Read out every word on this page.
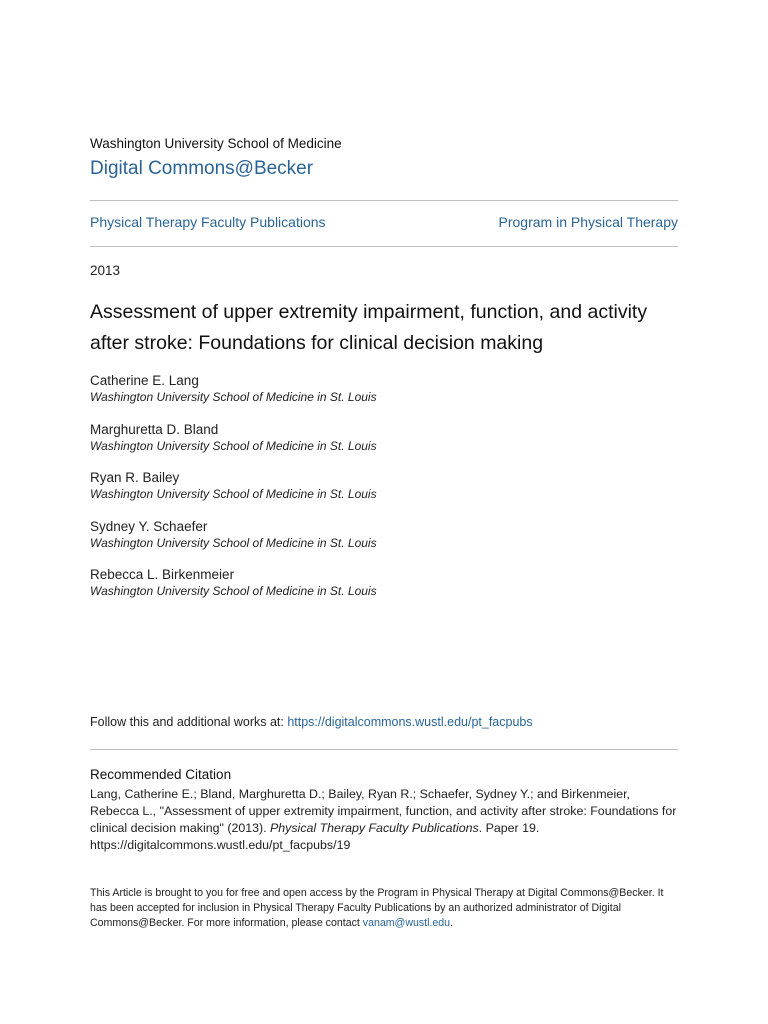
Washington University School of Medicine
Digital Commons@Becker
Physical Therapy Faculty Publications	Program in Physical Therapy
2013
Assessment of upper extremity impairment, function, and activity after stroke: Foundations for clinical decision making
Catherine E. Lang
Washington University School of Medicine in St. Louis
Marghuretta D. Bland
Washington University School of Medicine in St. Louis
Ryan R. Bailey
Washington University School of Medicine in St. Louis
Sydney Y. Schaefer
Washington University School of Medicine in St. Louis
Rebecca L. Birkenmeier
Washington University School of Medicine in St. Louis
Follow this and additional works at: https://digitalcommons.wustl.edu/pt_facpubs
Recommended Citation
Lang, Catherine E.; Bland, Marghuretta D.; Bailey, Ryan R.; Schaefer, Sydney Y.; and Birkenmeier, Rebecca L., "Assessment of upper extremity impairment, function, and activity after stroke: Foundations for clinical decision making" (2013). Physical Therapy Faculty Publications. Paper 19.
https://digitalcommons.wustl.edu/pt_facpubs/19
This Article is brought to you for free and open access by the Program in Physical Therapy at Digital Commons@Becker. It has been accepted for inclusion in Physical Therapy Faculty Publications by an authorized administrator of Digital Commons@Becker. For more information, please contact vanam@wustl.edu.
